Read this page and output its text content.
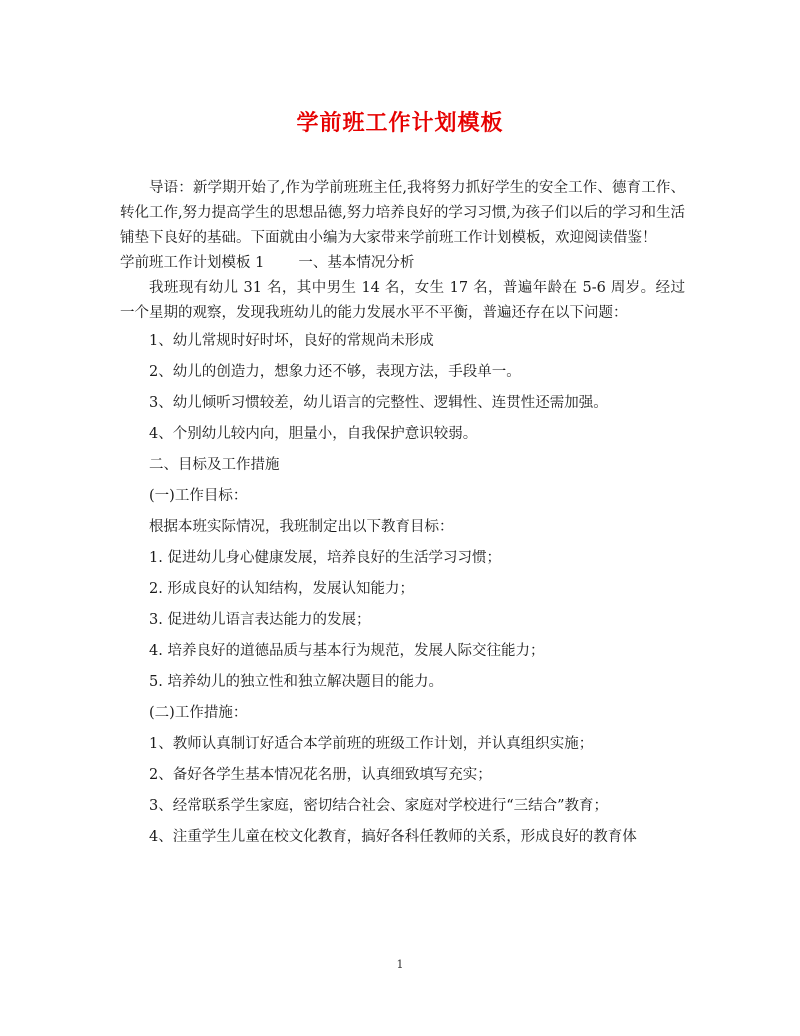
学前班工作计划模板

导语：新学期开始了,作为学前班班主任,我将努力抓好学生的安全工作、德育工作、转化工作,努力提高学生的思想品德,努力培养良好的学习习惯,为孩子们以后的学习和生活铺垫下良好的基础。下面就由小编为大家带来学前班工作计划模板，欢迎阅读借鉴！

学前班工作计划模板 1 一、基本情况分析

我班现有幼儿 31 名，其中男生 14 名，女生 17 名，普遍年龄在 5-6 周岁。经过一个星期的观察，发现我班幼儿的能力发展水平不平衡，普遍还存在以下问题：

1、幼儿常规时好时坏，良好的常规尚未形成

2、幼儿的创造力，想象力还不够，表现方法，手段单一。

3、幼儿倾听习惯较差，幼儿语言的完整性、逻辑性、连贯性还需加强。

4、个别幼儿较内向，胆量小，自我保护意识较弱。

二、目标及工作措施

(一)工作目标：

根据本班实际情况，我班制定出以下教育目标：

1. 促进幼儿身心健康发展，培养良好的生活学习习惯；

2. 形成良好的认知结构，发展认知能力；

3. 促进幼儿语言表达能力的发展；

4. 培养良好的道德品质与基本行为规范，发展人际交往能力；

5. 培养幼儿的独立性和独立解决题目的能力。

(二)工作措施：

1、教师认真制订好适合本学前班的班级工作计划，并认真组织实施；

2、备好各学生基本情况花名册，认真细致填写充实；

3、经常联系学生家庭，密切结合社会、家庭对学校进行“三结合”教育；

4、注重学生儿童在校文化教育，搞好各科任教师的关系，形成良好的教育体

1
